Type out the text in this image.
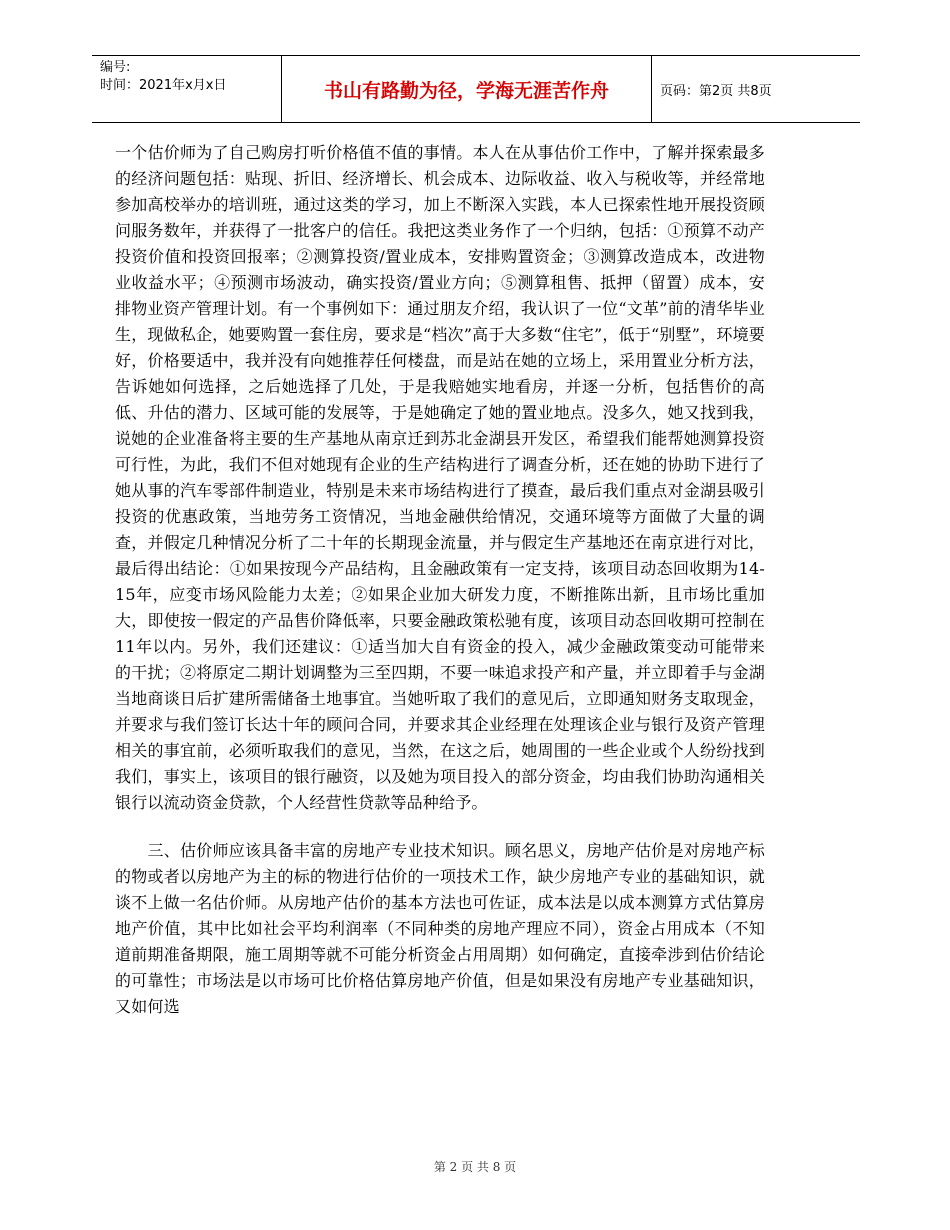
编号:
时间：2021年x月x日	书山有路勤为径，学海无涯苦作舟	页码：第2页 共8页

一个估价师为了自己购房打听价格值不值的事情。本人在从事估价工作中，了解并探索最多的经济问题包括：贴现、折旧、经济增长、机会成本、边际收益、收入与税收等，并经常地参加高校举办的培训班，通过这类的学习，加上不断深入实践，本人已探索性地开展投资顾问服务数年，并获得了一批客户的信任。我把这类业务作了一个归纳，包括：①预算不动产投资价值和投资回报率；②测算投资/置业成本，安排购置资金；③测算改造成本，改进物业收益水平；④预测市场波动，确实投资/置业方向；⑤测算租售、抵押（留置）成本，安排物业资产管理计划。有一个事例如下：通过朋友介绍，我认识了一位“文革”前的清华毕业生，现做私企，她要购置一套住房，要求是“档次”高于大多数“住宅”，低于“别墅”，环境要好，价格要适中，我并没有向她推荐任何楼盘，而是站在她的立场上，采用置业分析方法，告诉她如何选择，之后她选择了几处，于是我赔她实地看房，并逐一分析，包括售价的高低、升估的潜力、区域可能的发展等，于是她确定了她的置业地点。没多久，她又找到我，说她的企业准备将主要的生产基地从南京迁到苏北金湖县开发区，希望我们能帮她测算投资可行性，为此，我们不但对她现有企业的生产结构进行了调查分析，还在她的协助下进行了她从事的汽车零部件制造业，特别是未来市场结构进行了摸查，最后我们重点对金湖县吸引投资的优惠政策，当地劳务工资情况，当地金融供给情况，交通环境等方面做了大量的调查，并假定几种情况分析了二十年的长期现金流量，并与假定生产基地还在南京进行对比，最后得出结论：①如果按现今产品结构，且金融政策有一定支持，该项目动态回收期为14-15年，应变市场风险能力太差；②如果企业加大研发力度，不断推陈出新，且市场比重加大，即使按一假定的产品售价降低率，只要金融政策松驰有度，该项目动态回收期可控制在11年以内。另外，我们还建议：①适当加大自有资金的投入，减少金融政策变动可能带来的干扰；②将原定二期计划调整为三至四期，不要一味追求投产和产量，并立即着手与金湖当地商谈日后扩建所需储备土地事宜。当她听取了我们的意见后，立即通知财务支取现金，并要求与我们签订长达十年的顾问合同，并要求其企业经理在处理该企业与银行及资产管理相关的事宜前，必须听取我们的意见，当然，在这之后，她周围的一些企业或个人纷纷找到我们，事实上，该项目的银行融资，以及她为项目投入的部分资金，均由我们协助沟通相关银行以流动资金贷款，个人经营性贷款等品种给予。

　　三、估价师应该具备丰富的房地产专业技术知识。顾名思义，房地产估价是对房地产标的物或者以房地产为主的标的物进行估价的一项技术工作，缺少房地产专业的基础知识，就谈不上做一名估价师。从房地产估价的基本方法也可佐证，成本法是以成本测算方式估算房地产价值，其中比如社会平均利润率（不同种类的房地产理应不同），资金占用成本（不知道前期准备期限，施工周期等就不可能分析资金占用周期）如何确定，直接牵涉到估价结论的可靠性；市场法是以市场可比价格估算房地产价值，但是如果没有房地产专业基础知识，又如何选

第 2 页 共 8 页
